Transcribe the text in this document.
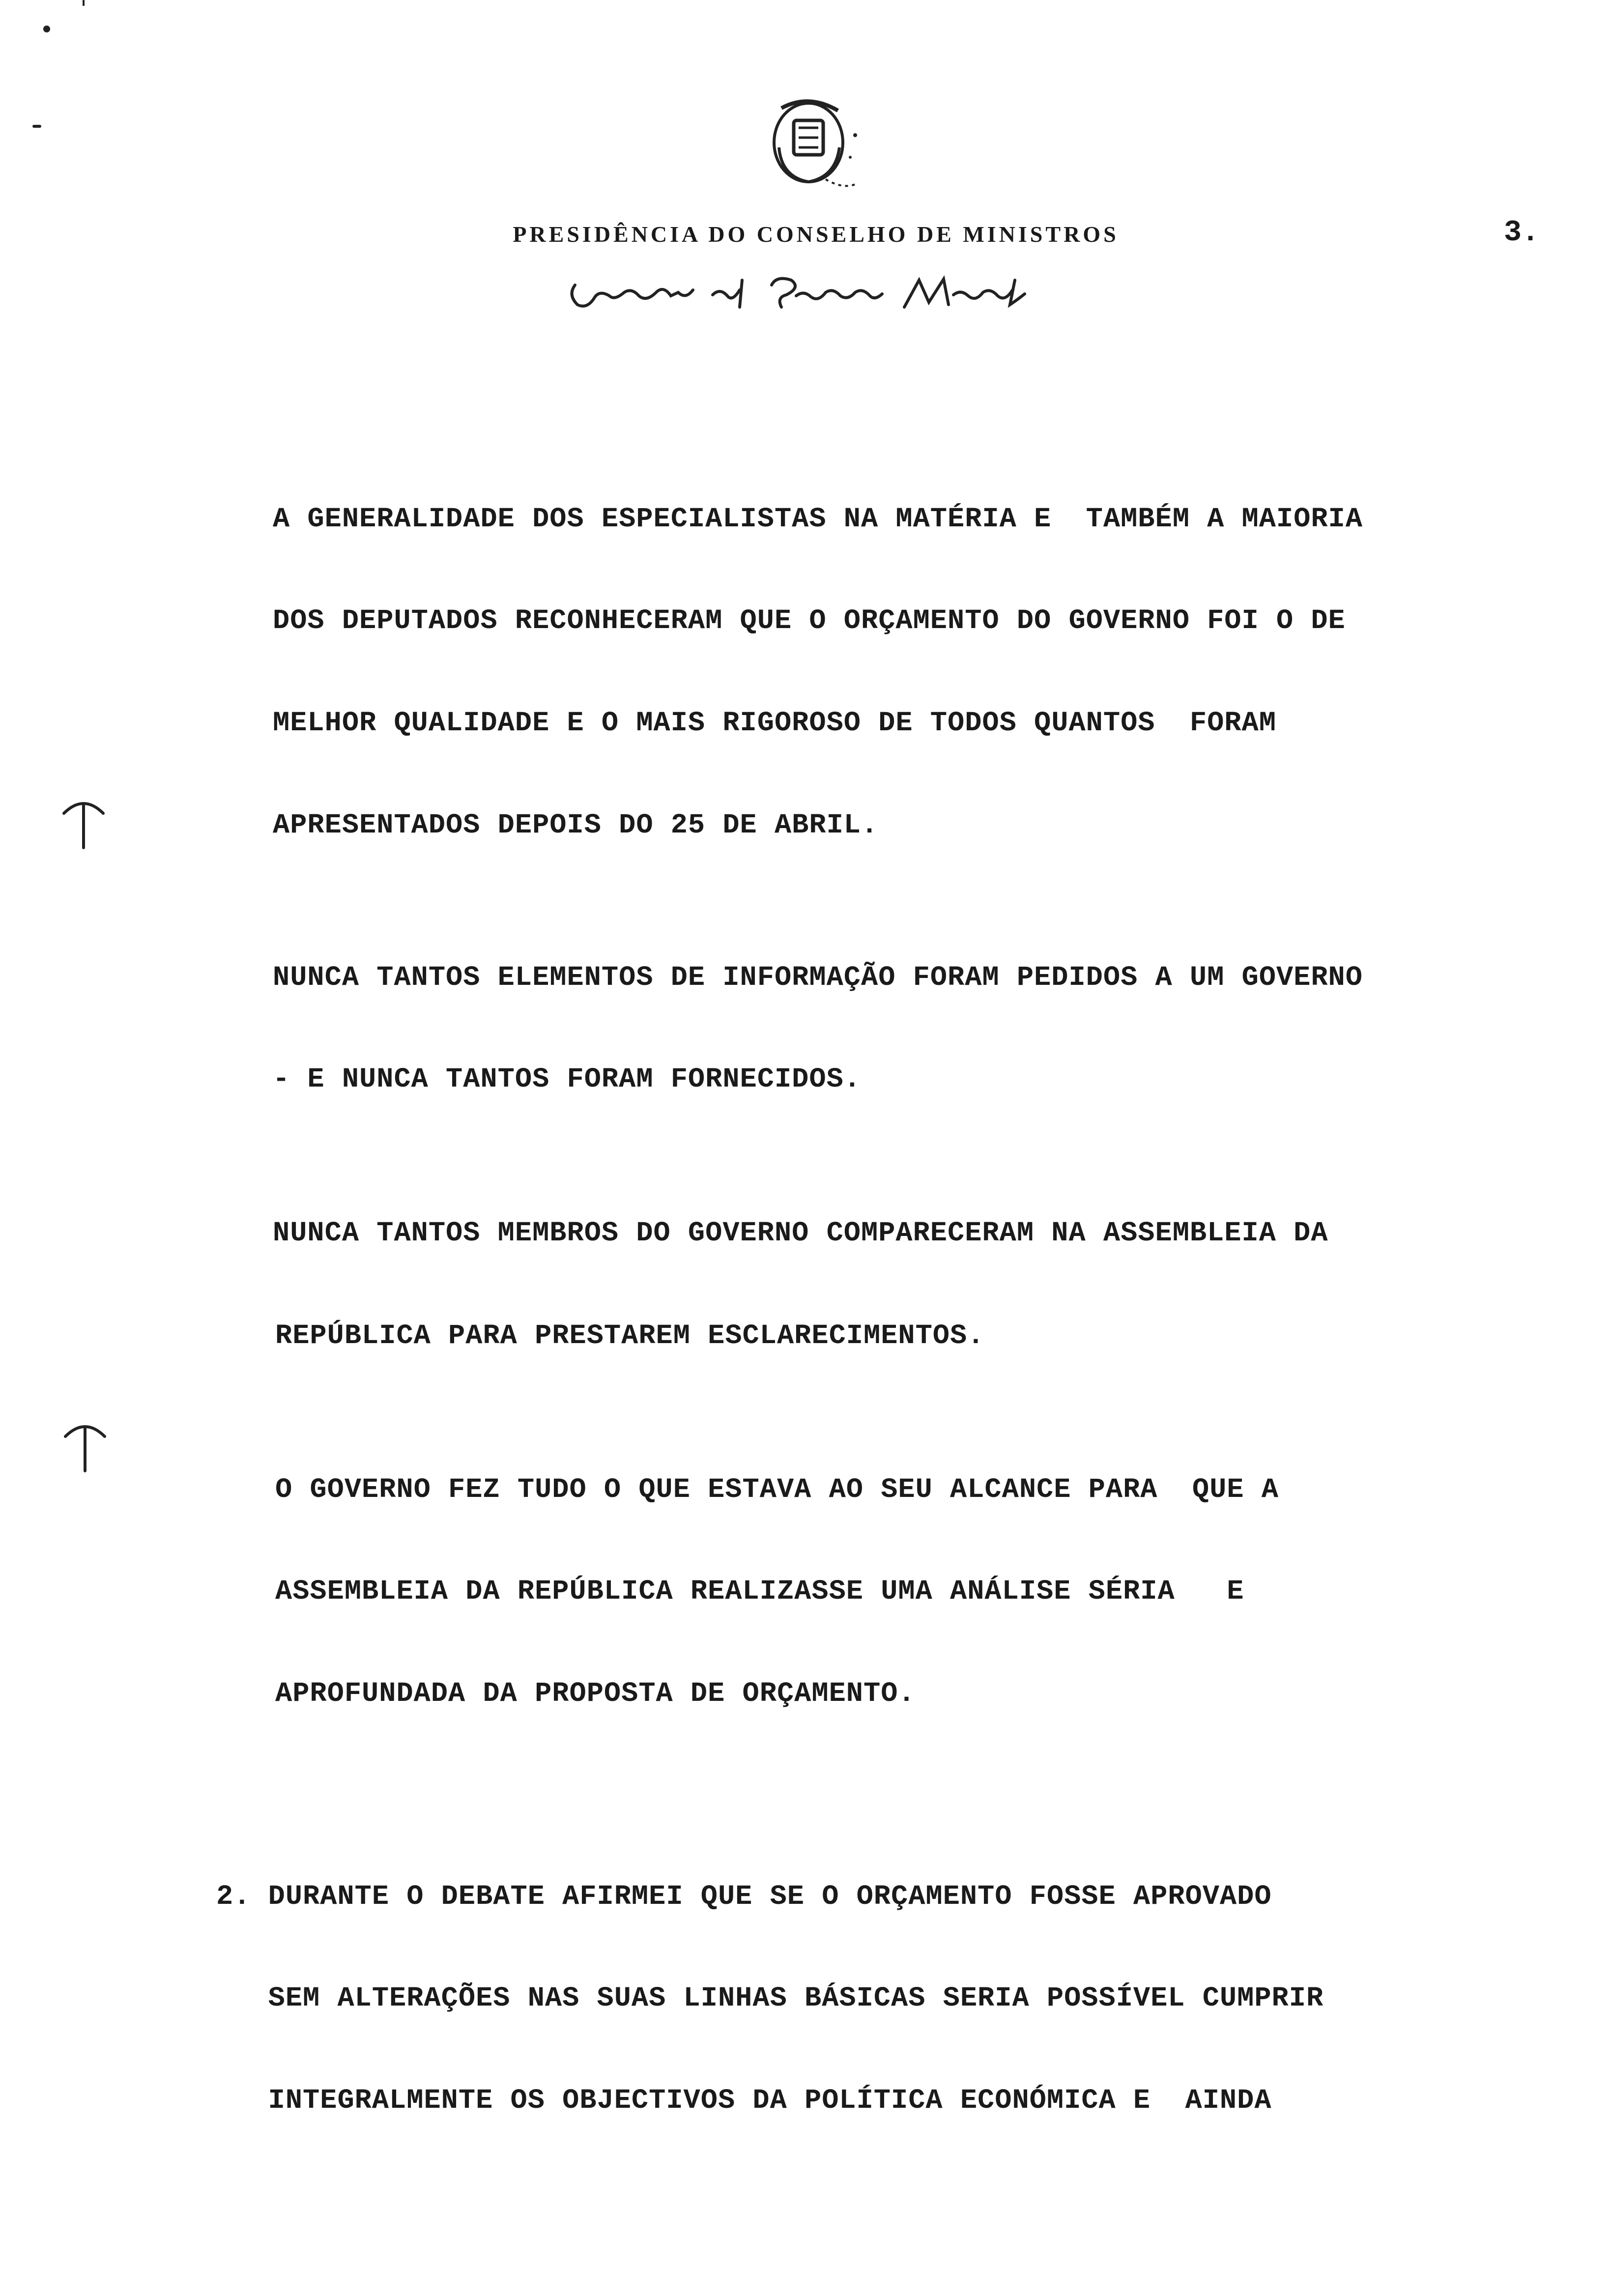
PRESIDÊNCIA DO CONSELHO DE MINISTROS	3.
A GENERALIDADE DOS ESPECIALISTAS NA MATÉRIA E  TAMBÉM A MAIORIA
DOS DEPUTADOS RECONHECERAM QUE O ORÇAMENTO DO GOVERNO FOI O DE
MELHOR QUALIDADE E O MAIS RIGOROSO DE TODOS QUANTOS  FORAM
APRESENTADOS DEPOIS DO 25 DE ABRIL.
NUNCA TANTOS ELEMENTOS DE INFORMAÇÃO FORAM PEDIDOS A UM GOVERNO
- E NUNCA TANTOS FORAM FORNECIDOS.
NUNCA TANTOS MEMBROS DO GOVERNO COMPARECERAM NA ASSEMBLEIA DA
REPÚBLICA PARA PRESTAREM ESCLARECIMENTOS.
O GOVERNO FEZ TUDO O QUE ESTAVA AO SEU ALCANCE PARA  QUE A
ASSEMBLEIA DA REPÚBLICA REALIZASSE UMA ANÁLISE SÉRIA   E
APROFUNDADA DA PROPOSTA DE ORÇAMENTO.
2. DURANTE O DEBATE AFIRMEI QUE SE O ORÇAMENTO FOSSE APROVADO
SEM ALTERAÇÕES NAS SUAS LINHAS BÁSICAS SERIA POSSÍVEL CUMPRIR
INTEGRALMENTE OS OBJECTIVOS DA POLÍTICA ECONÓMICA E  AINDA
